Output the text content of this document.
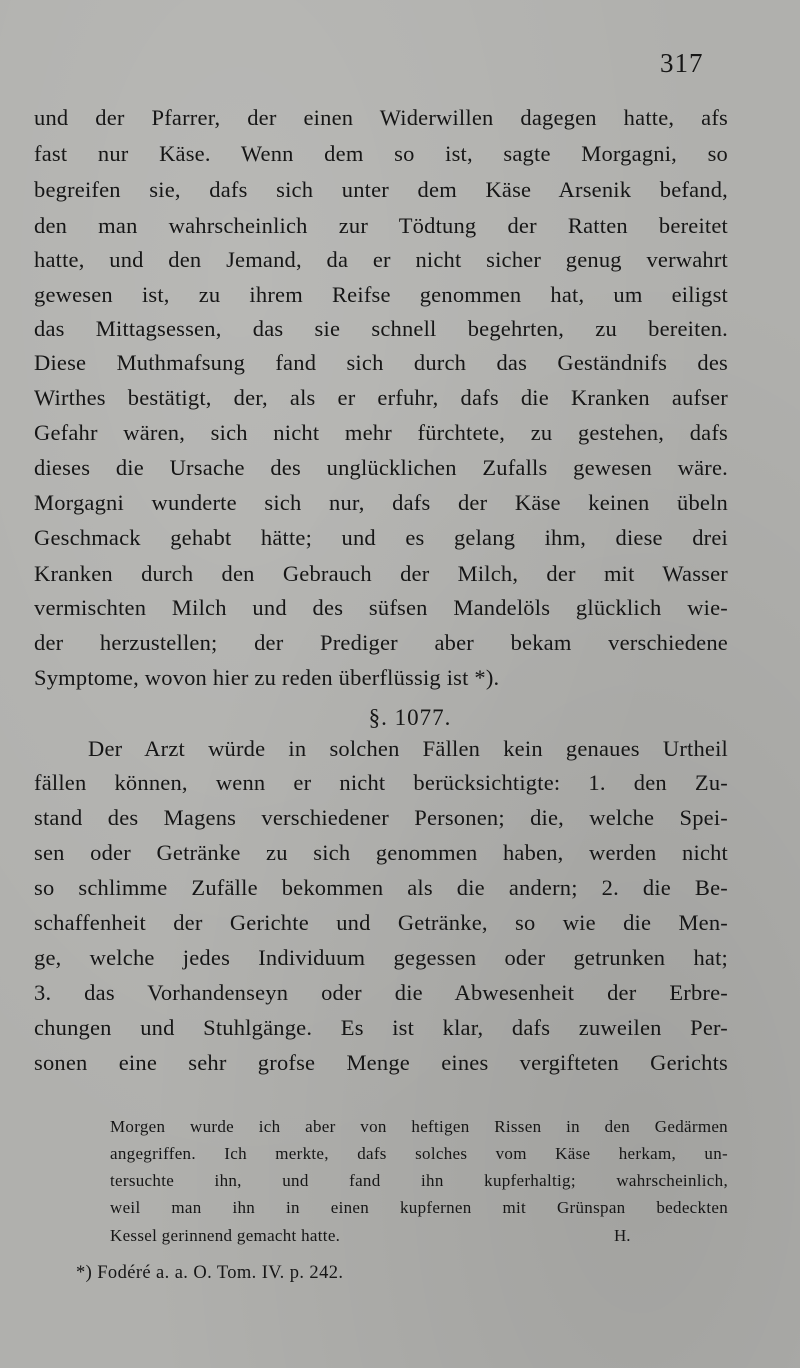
317
und der Pfarrer, der einen Widerwillen dagegen hatte, afs
fast nur Käse. Wenn dem so ist, sagte Morgagni, so
begreifen sie, dafs sich unter dem Käse Arsenik befand,
den man wahrscheinlich zur Tödtung der Ratten bereitet
hatte, und den Jemand, da er nicht sicher genug verwahrt
gewesen ist, zu ihrem Reifse genommen hat, um eiligst
das Mittagsessen, das sie schnell begehrten, zu bereiten.
Diese Muthmafsung fand sich durch das Geständnifs des
Wirthes bestätigt, der, als er erfuhr, dafs die Kranken aufser
Gefahr wären, sich nicht mehr fürchtete, zu gestehen, dafs
dieses die Ursache des unglücklichen Zufalls gewesen wäre.
Morgagni wunderte sich nur, dafs der Käse keinen übeln
Geschmack gehabt hätte; und es gelang ihm, diese drei
Kranken durch den Gebrauch der Milch, der mit Wasser
vermischten Milch und des süfsen Mandelöls glücklich wie-
der herzustellen; der Prediger aber bekam verschiedene
Symptome, wovon hier zu reden überflüssig ist *).
§. 1077.
Der Arzt würde in solchen Fällen kein genaues Urtheil
fällen können, wenn er nicht berücksichtigte: 1. den Zu-
stand des Magens verschiedener Personen; die, welche Spei-
sen oder Getränke zu sich genommen haben, werden nicht
so schlimme Zufälle bekommen als die andern; 2. die Be-
schaffenheit der Gerichte und Getränke, so wie die Men-
ge, welche jedes Individuum gegessen oder getrunken hat;
3. das Vorhandenseyn oder die Abwesenheit der Erbre-
chungen und Stuhlgänge. Es ist klar, dafs zuweilen Per-
sonen eine sehr grofse Menge eines vergifteten Gerichts
Morgen wurde ich aber von heftigen Rissen in den Gedärmen
angegriffen. Ich merkte, dafs solches vom Käse herkam, un-
tersuchte ihn, und fand ihn kupferhaltig; wahrscheinlich,
weil man ihn in einen kupfernen mit Grünspan bedeckten
Kessel gerinnend gemacht hatte.	H.
*) Fodéré a. a. O. Tom. IV. p. 242.
